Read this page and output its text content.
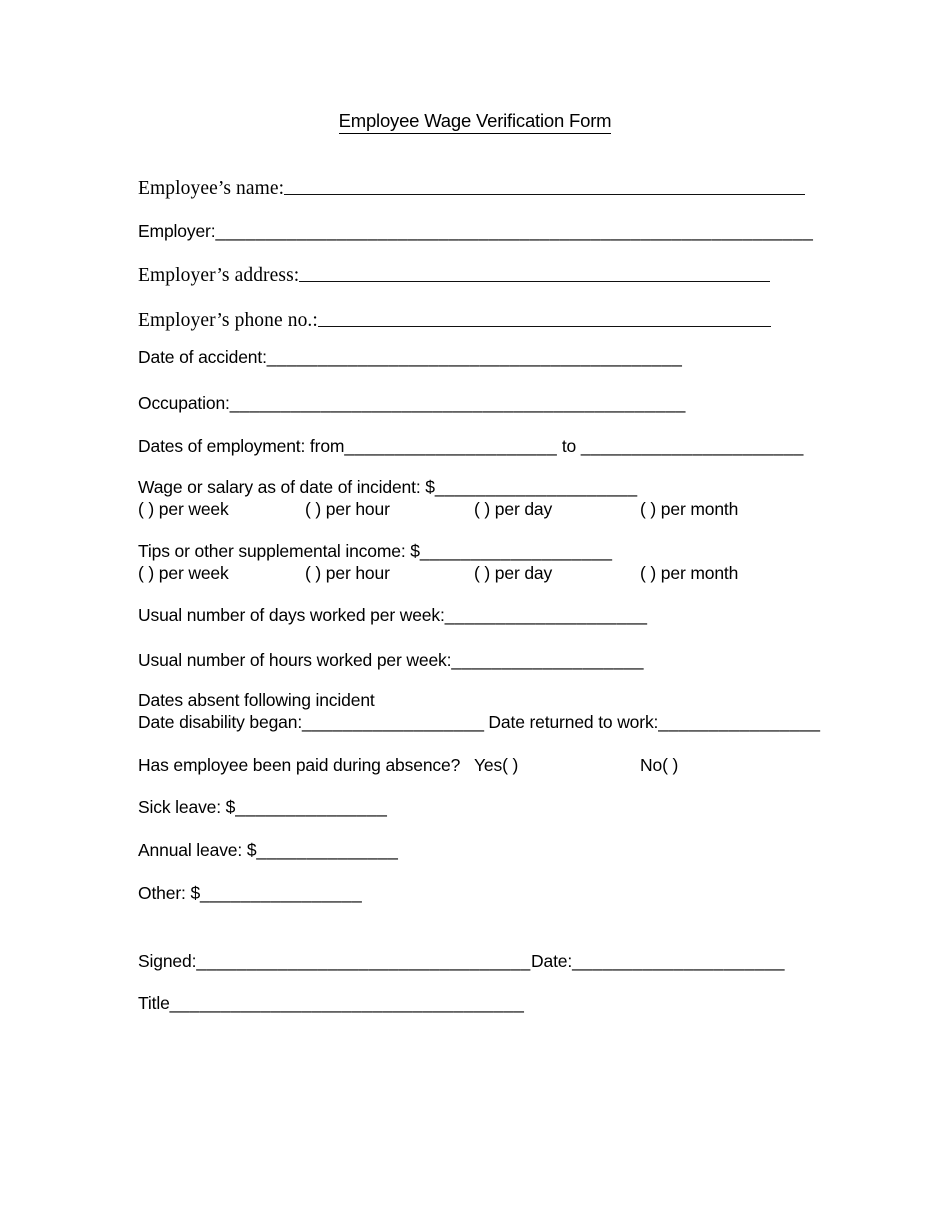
Employee Wage Verification Form
Employee’s name:
Employer:___________________________________________________________
Employer’s address:
Employer’s phone no.:
Date of accident:_________________________________________
Occupation:_____________________________________________
Dates of employment: from_____________________ to ______________________
Wage or salary as of date of incident: $____________________
( ) per week	( ) per hour	( ) per day	( ) per month
Tips or other supplemental income: $___________________
( ) per week	( ) per hour	( ) per day	( ) per month
Usual number of days worked per week:____________________
Usual number of hours worked per week:___________________
Dates absent following incident
Date disability began:__________________ Date returned to work:________________
Has employee been paid during absence? Yes( )	No( )
Sick leave: $_______________
Annual leave: $______________
Other: $________________
Signed:_________________________________ Date:_____________________
Title___________________________________
